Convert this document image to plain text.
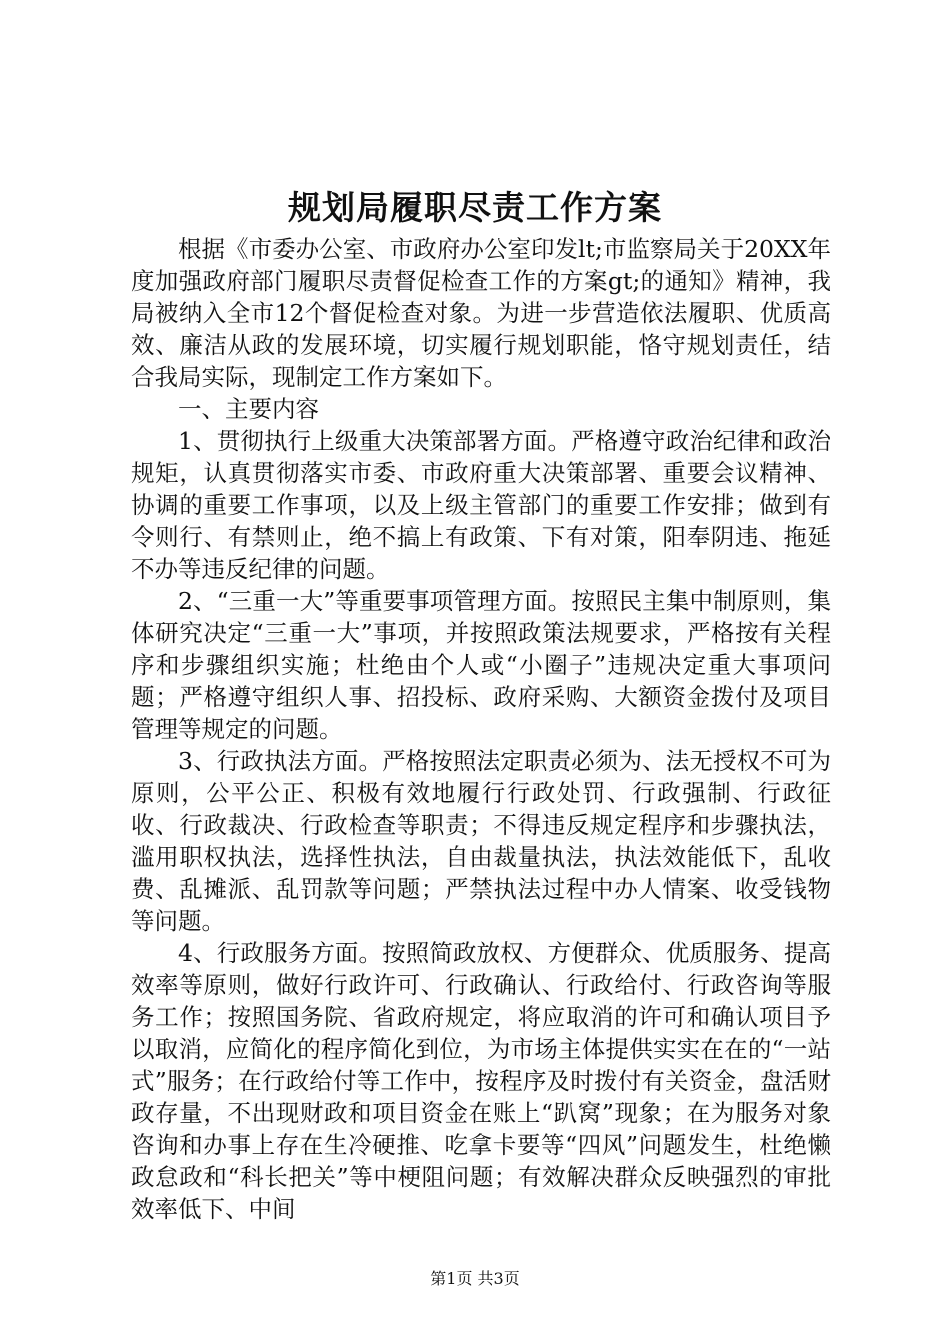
规划局履职尽责工作方案

根据《市委办公室、市政府办公室印发lt;市监察局关于20XX年度加强政府部门履职尽责督促检查工作的方案gt;的通知》精神，我局被纳入全市12个督促检查对象。为进一步营造依法履职、优质高效、廉洁从政的发展环境，切实履行规划职能，恪守规划责任，结合我局实际，现制定工作方案如下。

一、主要内容

1、贯彻执行上级重大决策部署方面。严格遵守政治纪律和政治规矩，认真贯彻落实市委、市政府重大决策部署、重要会议精神、协调的重要工作事项，以及上级主管部门的重要工作安排；做到有令则行、有禁则止，绝不搞上有政策、下有对策，阳奉阴违、拖延不办等违反纪律的问题。

2、“三重一大”等重要事项管理方面。按照民主集中制原则，集体研究决定“三重一大”事项，并按照政策法规要求，严格按有关程序和步骤组织实施；杜绝由个人或“小圈子”违规决定重大事项问题；严格遵守组织人事、招投标、政府采购、大额资金拨付及项目管理等规定的问题。

3、行政执法方面。严格按照法定职责必须为、法无授权不可为原则，公平公正、积极有效地履行行政处罚、行政强制、行政征收、行政裁决、行政检查等职责；不得违反规定程序和步骤执法，滥用职权执法，选择性执法，自由裁量执法，执法效能低下，乱收费、乱摊派、乱罚款等问题；严禁执法过程中办人情案、收受钱物等问题。

4、行政服务方面。按照简政放权、方便群众、优质服务、提高效率等原则，做好行政许可、行政确认、行政给付、行政咨询等服务工作；按照国务院、省政府规定，将应取消的许可和确认项目予以取消，应简化的程序简化到位，为市场主体提供实实在在的“一站式”服务；在行政给付等工作中，按程序及时拨付有关资金，盘活财政存量，不出现财政和项目资金在账上“趴窝”现象；在为服务对象咨询和办事上存在生冷硬推、吃拿卡要等“四风”问题发生，杜绝懒政怠政和“科长把关”等中梗阻问题；有效解决群众反映强烈的审批效率低下、中间

第1页 共3页
